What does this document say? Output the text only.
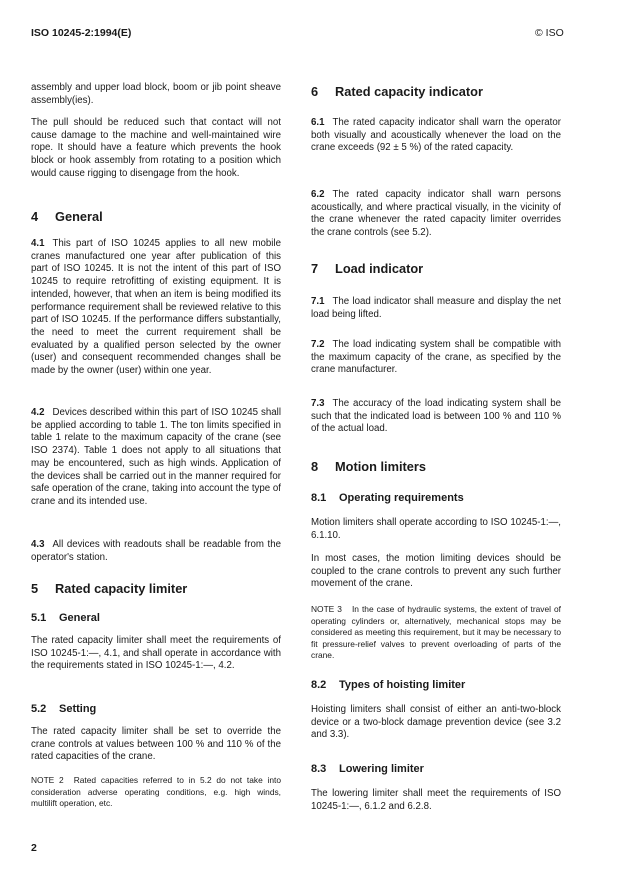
ISO 10245-2:1994(E)	© ISO
assembly and upper load block, boom or jib point sheave assembly(ies).
The pull should be reduced such that contact will not cause damage to the machine and well-maintained wire rope. It should have a feature which prevents the hook block or hook assembly from rotating to a position which would cause rigging to disengage from the hook.
4 General
4.1 This part of ISO 10245 applies to all new mobile cranes manufactured one year after publication of this part of ISO 10245. It is not the intent of this part of ISO 10245 to require retrofitting of existing equipment. It is intended, however, that when an item is being modified its performance requirement shall be reviewed relative to this part of ISO 10245. If the performance differs substantially, the need to meet the current requirement shall be evaluated by a qualified person selected by the owner (user) and consequent recommended changes shall be made by the owner (user) within one year.
4.2 Devices described within this part of ISO 10245 shall be applied according to table 1. The ton limits specified in table 1 relate to the maximum capacity of the crane (see ISO 2374). Table 1 does not apply to all situations that may be encountered, such as high winds. Application of the devices shall be carried out in the manner required for safe operation of the crane, taking into account the type of crane and its intended use.
4.3 All devices with readouts shall be readable from the operator's station.
5 Rated capacity limiter
5.1 General
The rated capacity limiter shall meet the requirements of ISO 10245-1:—, 4.1, and shall operate in accordance with the requirements stated in ISO 10245-1:—, 4.2.
5.2 Setting
The rated capacity limiter shall be set to override the crane controls at values between 100 % and 110 % of the rated capacities of the crane.
NOTE 2 Rated capacities referred to in 5.2 do not take into consideration adverse operating conditions, e.g. high winds, multilift operation, etc.
2
6 Rated capacity indicator
6.1 The rated capacity indicator shall warn the operator both visually and acoustically whenever the load on the crane exceeds (92 ± 5 %) of the rated capacity.
6.2 The rated capacity indicator shall warn persons acoustically, and where practical visually, in the vicinity of the crane whenever the rated capacity limiter overrides the crane controls (see 5.2).
7 Load indicator
7.1 The load indicator shall measure and display the net load being lifted.
7.2 The load indicating system shall be compatible with the maximum capacity of the crane, as specified by the crane manufacturer.
7.3 The accuracy of the load indicating system shall be such that the indicated load is between 100 % and 110 % of the actual load.
8 Motion limiters
8.1 Operating requirements
Motion limiters shall operate according to ISO 10245-1:—, 6.1.10.
In most cases, the motion limiting devices should be coupled to the crane controls to prevent any such further movement of the crane.
NOTE 3 In the case of hydraulic systems, the extent of travel of operating cylinders or, alternatively, mechanical stops may be considered as meeting this requirement, but it may be necessary to fit pressure-relief valves to prevent overloading of parts of the crane.
8.2 Types of hoisting limiter
Hoisting limiters shall consist of either an anti-two-block device or a two-block damage prevention device (see 3.2 and 3.3).
8.3 Lowering limiter
The lowering limiter shall meet the requirements of ISO 10245-1:—, 6.1.2 and 6.2.8.
